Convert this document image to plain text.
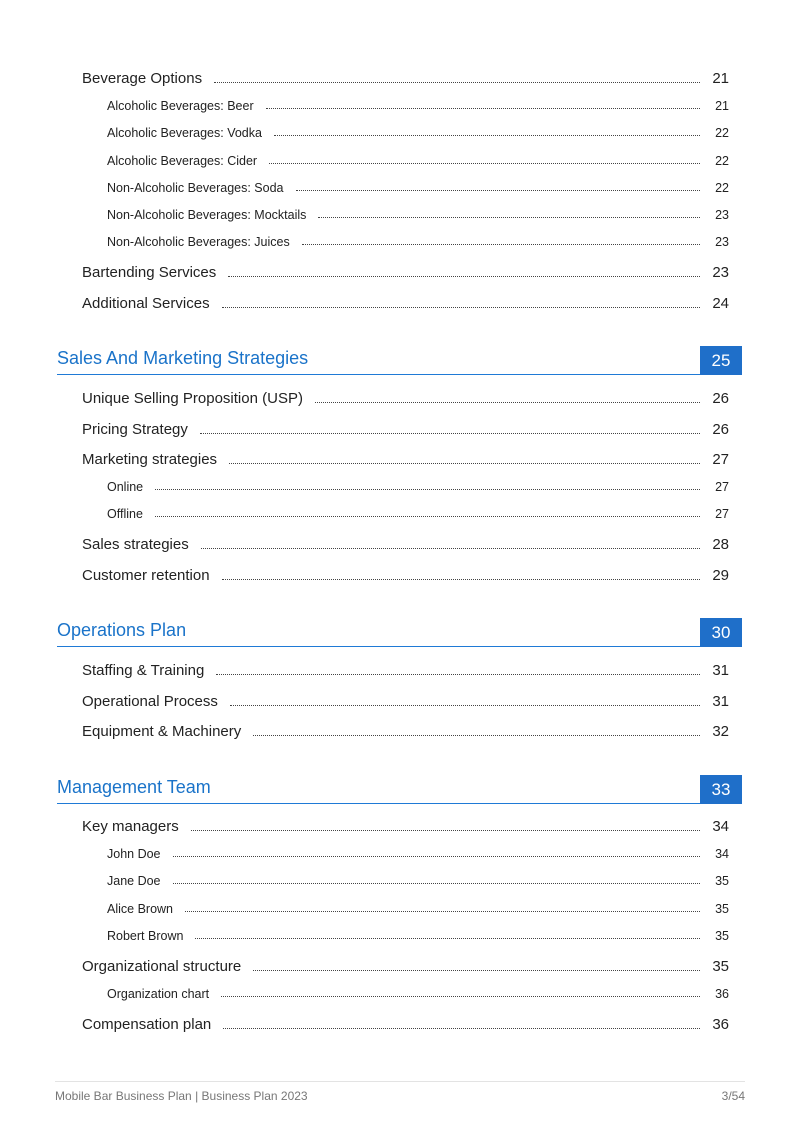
Beverage Options	21
Alcoholic Beverages: Beer	21
Alcoholic Beverages: Vodka	22
Alcoholic Beverages: Cider	22
Non-Alcoholic Beverages: Soda	22
Non-Alcoholic Beverages: Mocktails	23
Non-Alcoholic Beverages: Juices	23
Bartending Services	23
Additional Services	24
Sales And Marketing Strategies	25
Unique Selling Proposition (USP)	26
Pricing Strategy	26
Marketing strategies	27
Online	27
Offline	27
Sales strategies	28
Customer retention	29
Operations Plan	30
Staffing & Training	31
Operational Process	31
Equipment & Machinery	32
Management Team	33
Key managers	34
John Doe	34
Jane Doe	35
Alice Brown	35
Robert Brown	35
Organizational structure	35
Organization chart	36
Compensation plan	36
Mobile Bar Business Plan | Business Plan 2023	3/54
